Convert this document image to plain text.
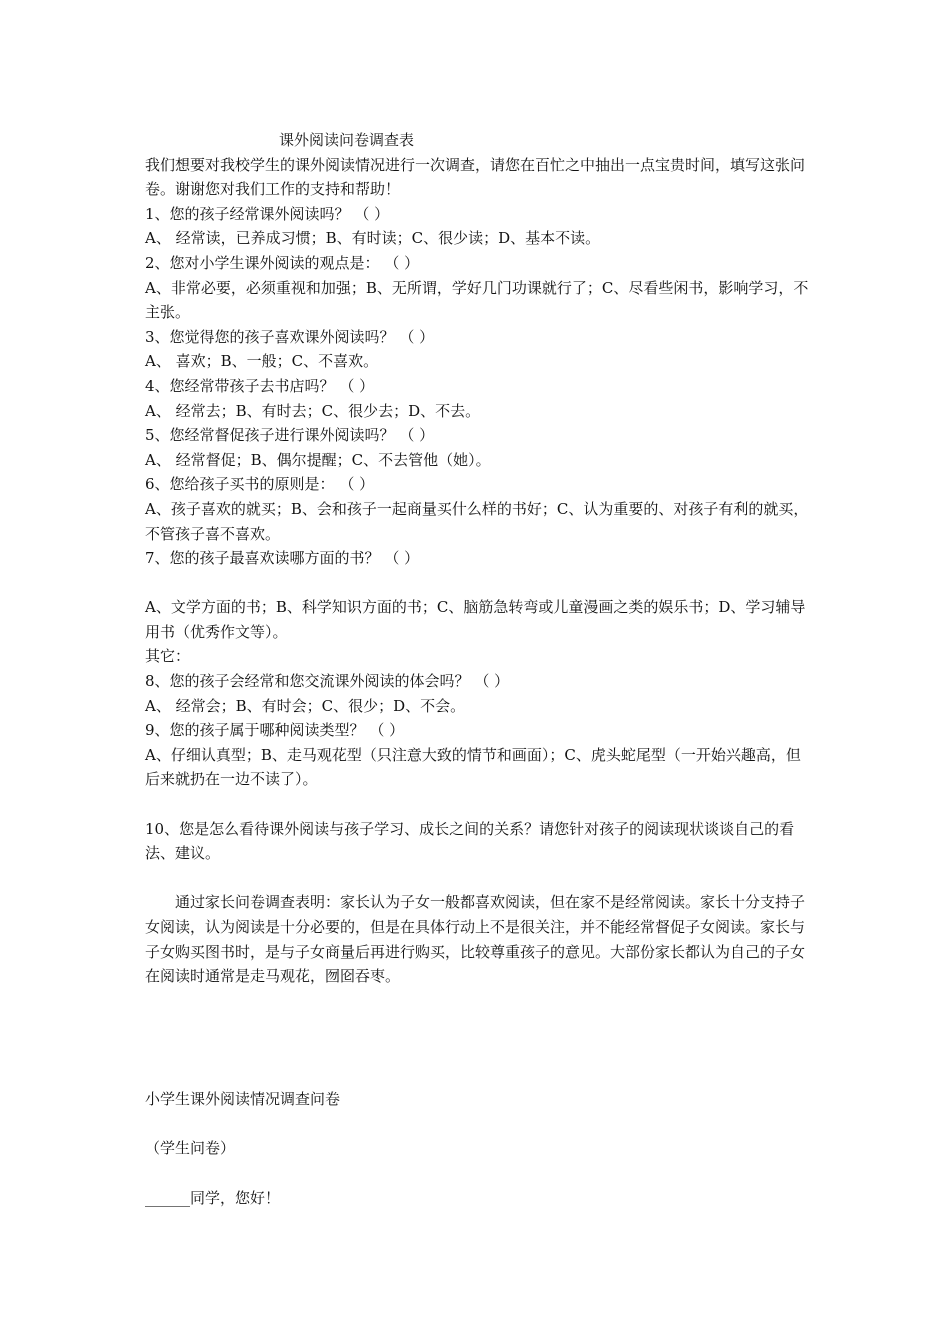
课外阅读问卷调查表

我们想要对我校学生的课外阅读情况进行一次调查，请您在百忙之中抽出一点宝贵时间，填写这张问卷。谢谢您对我们工作的支持和帮助！

1、您的孩子经常课外阅读吗？ （ ）

A、 经常读，已养成习惯；B、有时读；C、很少读；D、基本不读。

2、您对小学生课外阅读的观点是： （ ）

A、非常必要，必须重视和加强；B、无所谓，学好几门功课就行了；C、尽看些闲书，影响学习，不主张。

3、您觉得您的孩子喜欢课外阅读吗？ （ ）

A、 喜欢；B、一般；C、不喜欢。

4、您经常带孩子去书店吗？ （ ）

A、 经常去；B、有时去；C、很少去；D、不去。

5、您经常督促孩子进行课外阅读吗？ （ ）

A、 经常督促；B、偶尔提醒；C、不去管他（她）。

6、您给孩子买书的原则是： （ ）

A、孩子喜欢的就买；B、会和孩子一起商量买什么样的书好；C、认为重要的、对孩子有利的就买，不管孩子喜不喜欢。

7、您的孩子最喜欢读哪方面的书？ （ ）

A、文学方面的书；B、科学知识方面的书；C、脑筋急转弯或儿童漫画之类的娱乐书；D、学习辅导用书（优秀作文等）。

其它：

8、您的孩子会经常和您交流课外阅读的体会吗？ （ ）

A、 经常会；B、有时会；C、很少；D、不会。

9、您的孩子属于哪种阅读类型？ （ ）

A、仔细认真型；B、走马观花型（只注意大致的情节和画面）；C、虎头蛇尾型（一开始兴趣高，但后来就扔在一边不读了）。

10、您是怎么看待课外阅读与孩子学习、成长之间的关系？请您针对孩子的阅读现状谈谈自己的看法、建议。

通过家长问卷调查表明：家长认为子女一般都喜欢阅读，但在家不是经常阅读。家长十分支持子女阅读，认为阅读是十分必要的，但是在具体行动上不是很关注，并不能经常督促子女阅读。家长与子女购买图书时，是与子女商量后再进行购买，比较尊重孩子的意见。大部份家长都认为自己的子女在阅读时通常是走马观花，囫囵吞枣。

小学生课外阅读情况调查问卷

（学生问卷）

______同学，您好！
